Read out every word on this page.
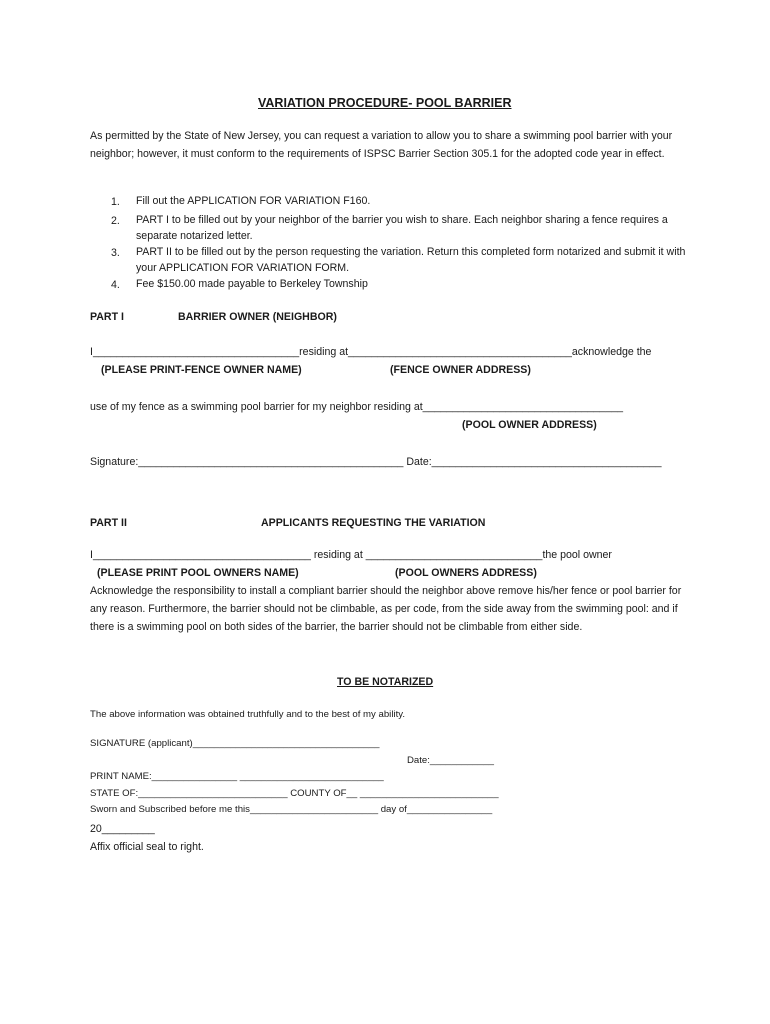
VARIATION PROCEDURE- POOL BARRIER
As permitted by the State of New Jersey, you can request a variation to allow you to share a swimming pool barrier with your neighbor; however, it must conform to the requirements of ISPSC Barrier Section 305.1 for the adopted code year in effect.
1. Fill out the APPLICATION FOR VARIATION F160.
2. PART I to be filled out by your neighbor of the barrier you wish to share. Each neighbor sharing a fence requires a separate notarized letter.
3. PART II to be filled out by the person requesting the variation. Return this completed form notarized and submit it with your APPLICATION FOR VARIATION FORM.
4. Fee $150.00 made payable to Berkeley Township
PART I	BARRIER OWNER (NEIGHBOR)
I___________________________________residing at______________________________________acknowledge the
(PLEASE PRINT-FENCE OWNER NAME)	(FENCE OWNER ADDRESS)
use of my fence as a swimming pool barrier for my neighbor residing at__________________________________
(POOL OWNER ADDRESS)
Signature:_____________________________________________ Date:_______________________________________
PART II	APPLICANTS REQUESTING THE VARIATION
I_____________________________________ residing at ______________________________the pool owner
(PLEASE PRINT POOL OWNERS NAME)	(POOL OWNERS ADDRESS)
Acknowledge the responsibility to install a compliant barrier should the neighbor above remove his/her fence or pool barrier for any reason. Furthermore, the barrier should not be climbable, as per code, from the side away from the swimming pool: and if there is a swimming pool on both sides of the barrier, the barrier should not be climbable from either side.
TO BE NOTARIZED
The above information was obtained truthfully and to the best of my ability.
SIGNATURE (applicant)___________________________________
Date:____________
PRINT NAME:________________ ___________________________
STATE OF:____________________________ COUNTY OF__ __________________________
Sworn and Subscribed before me this________________________ day of________________
20_________
Affix official seal to right.
